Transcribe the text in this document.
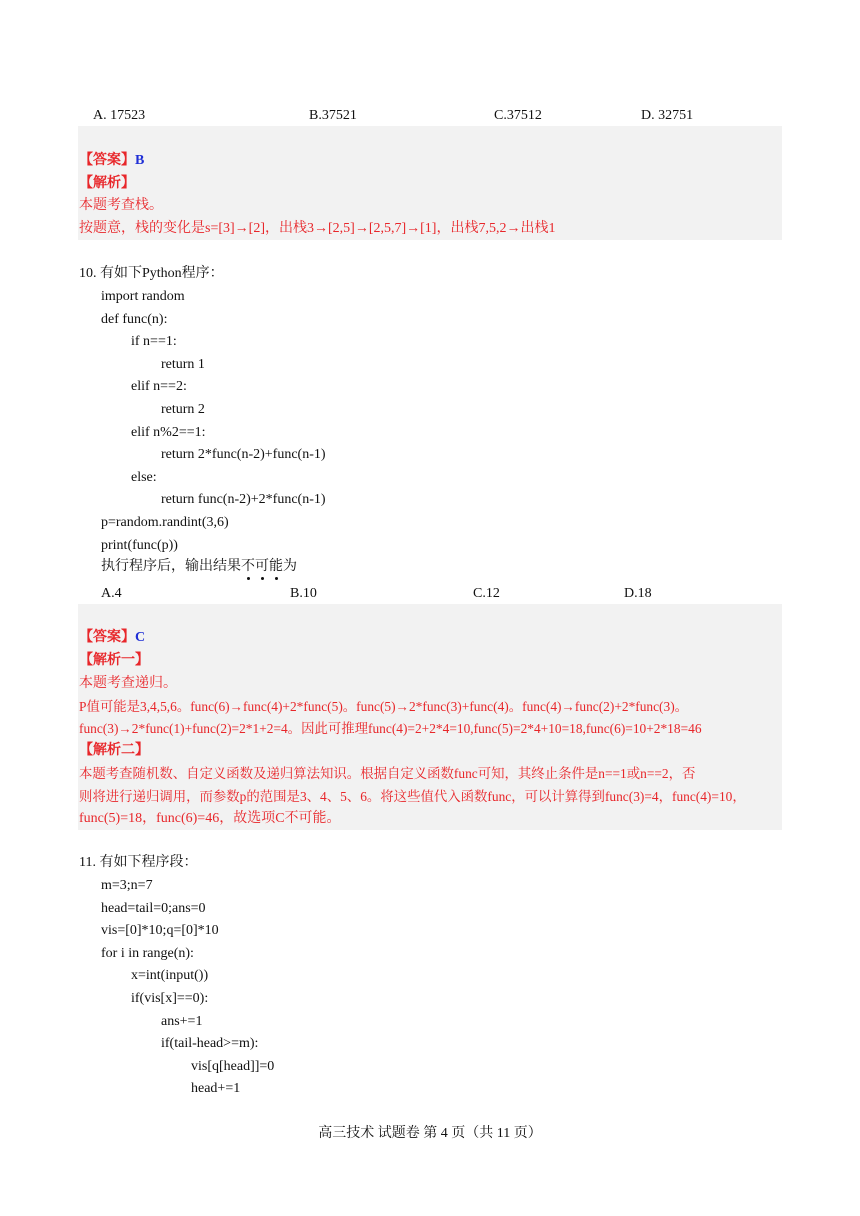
A. 17523	B.37521	C.37512	D. 32751
【答案】B
【解析】
本题考查栈。
按题意，栈的变化是s=[3]→[2]，出栈3→[2,5]→[2,5,7]→[1]，出栈7,5,2→出栈1
10. 有如下Python程序：
import random
def func(n):
if n==1:
return 1
elif n==2:
return 2
elif n%2==1:
return 2*func(n-2)+func(n-1)
else:
return func(n-2)+2*func(n-1)
p=random.randint(3,6)
print(func(p))
执行程序后，输出结果不可能为
A.4	B.10	C.12	D.18
【答案】C
【解析一】
本题考查递归。
P值可能是3,4,5,6。func(6)→func(4)+2*func(5)。func(5)→2*func(3)+func(4)。func(4)→func(2)+2*func(3)。
func(3)→2*func(1)+func(2)=2*1+2=4。因此可推理func(4)=2+2*4=10,func(5)=2*4+10=18,func(6)=10+2*18=46
【解析二】
本题考查随机数、自定义函数及递归算法知识。根据自定义函数func可知，其终止条件是n==1或n==2，否
则将进行递归调用，而参数p的范围是3、4、5、6。将这些值代入函数func，可以计算得到func(3)=4，func(4)=10，
func(5)=18，func(6)=46，故选项C不可能。
11. 有如下程序段：
m=3;n=7
head=tail=0;ans=0
vis=[0]*10;q=[0]*10
for i in range(n):
x=int(input())
if(vis[x]==0):
ans+=1
if(tail-head>=m):
vis[q[head]]=0
head+=1
高三技术 试题卷 第 4 页（共 11 页）
